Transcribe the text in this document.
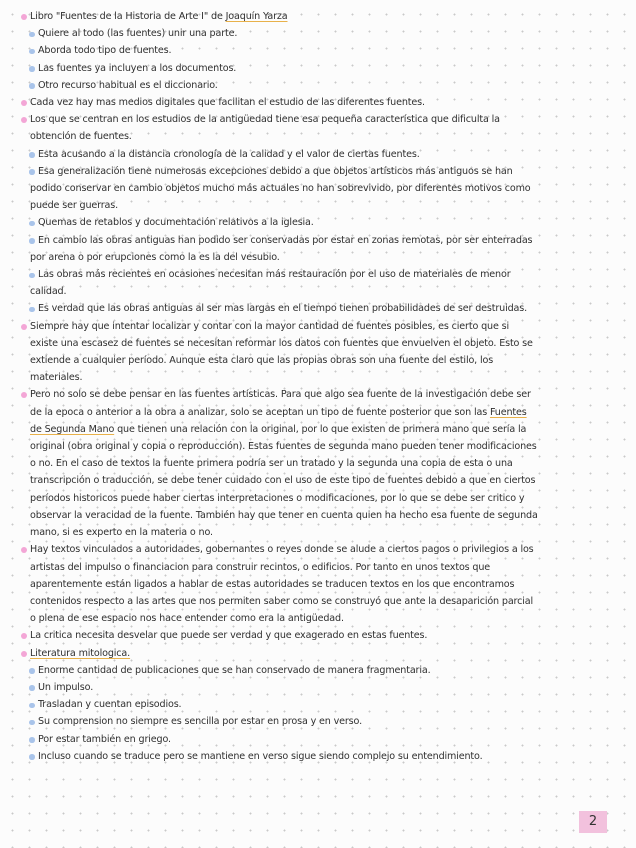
Libro "Fuentes de la Historia de Arte I" de Joaquín Yarza
Quiere al todo (las fuentes) unir una parte.
Aborda todo tipo de fuentes.
Las fuentes ya incluyen a los documentos.
Otro recurso habitual es el diccionario.
Cada vez hay mas medios digitales que facilitan el estudio de las diferentes fuentes.
Los que se centran en los estudios de la antigüedad tiene esa pequeña característica que dificulta la
obtención de fuentes.
Esta acusando a la distancia cronología de la calidad y el valor de ciertas fuentes.
Esa generalización tiene numerosas excepciones debido a que objetos artísticos más antiguos se han
podido conservar en cambio objetos mucho más actuales no han sobrevivido, por diferentes motivos como
puede ser guerras.
Quemas de retablos y documentación relativos a la iglesia.
En cambio las obras antiguas han podido ser conservadas por estar en zonas remotas, por ser enterradas
por arena o por erupciones como la es la del vesubio.
Las obras más recientes en ocasiones necesitan más restauración por el uso de materiales de menor
calidad.
Es verdad que las obras antiguas al ser mas largas en el tiempo tienen probabilidades de ser destruidas.
Siempre hay que intentar localizar y contar con la mayor cantidad de fuentes posibles, es cierto que si
existe una escasez de fuentes se necesitan reformar los datos con fuentes que envuelven el objeto. Esto se
extiende a cualquier período. Aunque esta claro que las propias obras son una fuente del estilo, los
materiales.
Pero no solo se debe pensar en las fuentes artísticas. Para que algo sea fuente de la investigación debe ser
de la epoca o anterior a la obra a analizar, solo se aceptan un tipo de fuente posterior que son las Fuentes
de Segunda Mano que tienen una relación con la original, por lo que existen de primera mano que sería la
original (obra original y copia o reproducción). Estas fuentes de segunda mano pueden tener modificaciones
o no. En el caso de textos la fuente primera podría ser un tratado y la segunda una copia de esta o una
transcripción o traducción, se debe tener cuidado con el uso de este tipo de fuentes debido a que en ciertos
períodos historicos puede haber ciertas interpretaciones o modificaciones, por lo que se debe ser critico y
observar la veracidad de la fuente. También hay que tener en cuenta quien ha hecho esa fuente de segunda
mano, si es experto en la materia o no.
Hay textos vinculados a autoridades, gobernantes o reyes donde se alude a ciertos pagos o privilegios a los
artistas del impulso o financiacion para construir recintos, o edificios. Por tanto en unos textos que
aparentemente están ligados a hablar de estas autoridades se traducen textos en los que encontramos
contenidos respecto a las artes que nos permiten saber como se construyó que ante la desaparición parcial
o plena de ese espacio nos hace entender como era la antigüedad.
La critica necesita desvelar que puede ser verdad y que exagerado en estas fuentes.
Literatura mitologica.
Enorme cantidad de publicaciones que se han conservado de manera fragmentaria.
Un impulso.
Trasladan y cuentan episodios.
Su comprension no siempre es sencilla por estar en prosa y en verso.
Por estar también en griego.
Incluso cuando se traduce pero se mantiene en verso sigue siendo complejo su entendimiento.
2
